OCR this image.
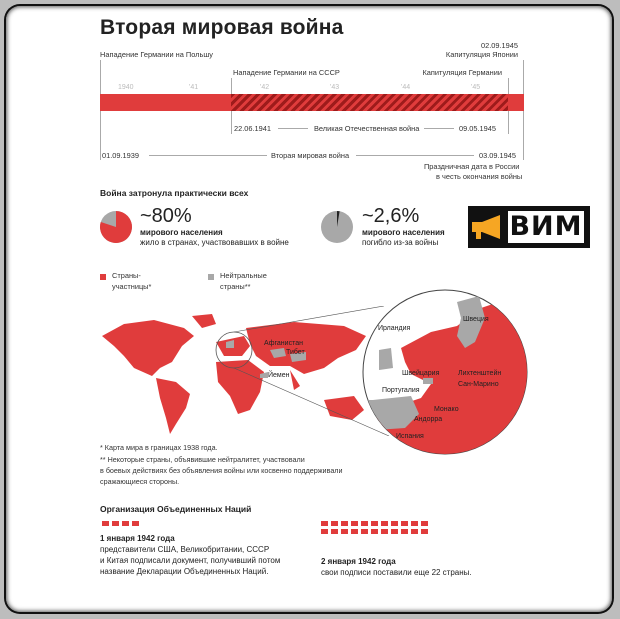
Вторая мировая война
Нападение Германии на Польшу
02.09.1945
Капитуляция Японии
Нападение Германии на СССР	Капитуляция Германии
1940	'41	'42	'43	'44	'45
22.06.1941	Великая Отечественная война	09.05.1945
01.09.1939	Вторая мировая война	03.09.1945
Праздничная дата в России
в честь окончания войны
Война затронула практически всех
~80%
мирового населения
жило в странах, участвовавших в войне
~2,6%
мирового населения
погибло из-за войны
ВИМ
Страны-
участницы*
Нейтральные
страны**
Афганистан
Тибет
Йемен
Ирландия
Швеция
Швейцария	Лихтенштейн
Сан-Марино
Португалия
Монако
Андорра
Испания
* Карта мира в границах 1938 года.
** Некоторые страны, объявившие нейтралитет, участвовали
в боевых действиях без объявления войны или косвенно поддерживали
сражающиеся стороны.
Организация Объединенных Наций
1 января 1942 года
представители США, Великобритании, СССР
и Китая подписали документ, получивший потом
название Декларации Объединенных Наций.
2 января 1942 года
свои подписи поставили еще 22 страны.
